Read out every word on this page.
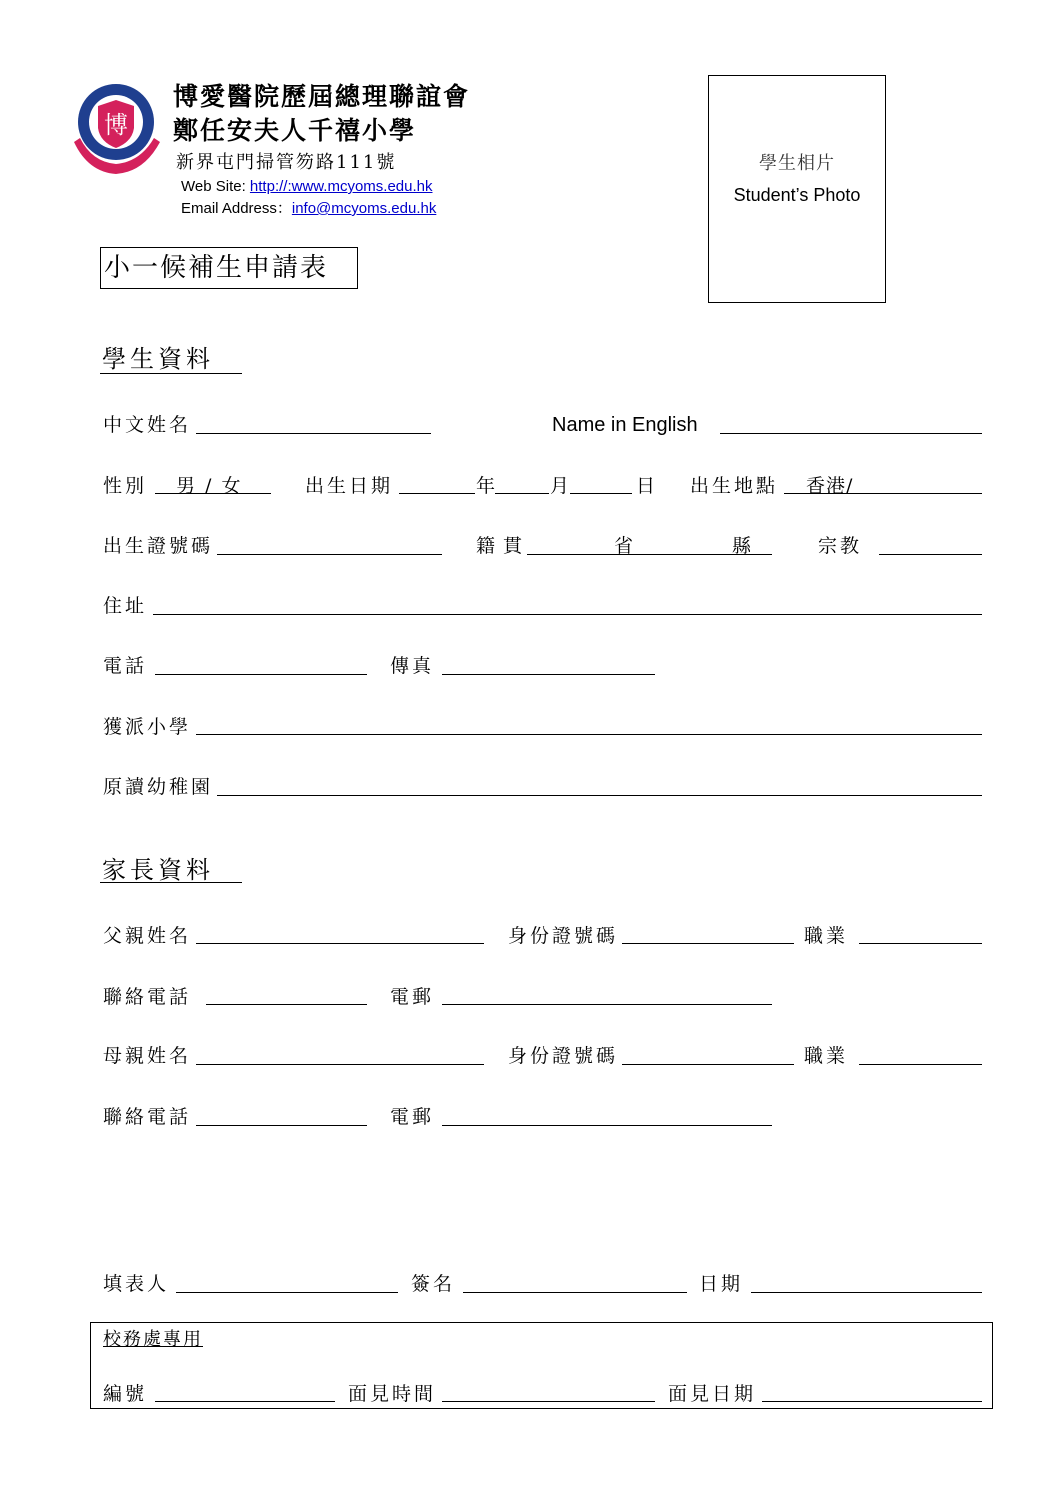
博
博愛醫院歷屆總理聯誼會
鄭任安夫人千禧小學
新界屯門掃管笏路111號
Web Site: http://:www.mcyoms.edu.hk
Email Address：info@mcyoms.edu.hk
學生相片
Student’s Photo
小一候補生申請表
學生資料
中文姓名	Name in English
性別 男 / 女	出生日期	年	月	日 出生地點 香港/
出生證號碼	籍貫	省	縣	宗教
住址
電話	傳真
獲派小學
原讀幼稚園
家長資料
父親姓名	身份證號碼	職業
聯絡電話	電郵
母親姓名	身份證號碼	職業
聯絡電話	電郵
填表人	簽名	日期
校務處專用
編號	面見時間	面見日期
